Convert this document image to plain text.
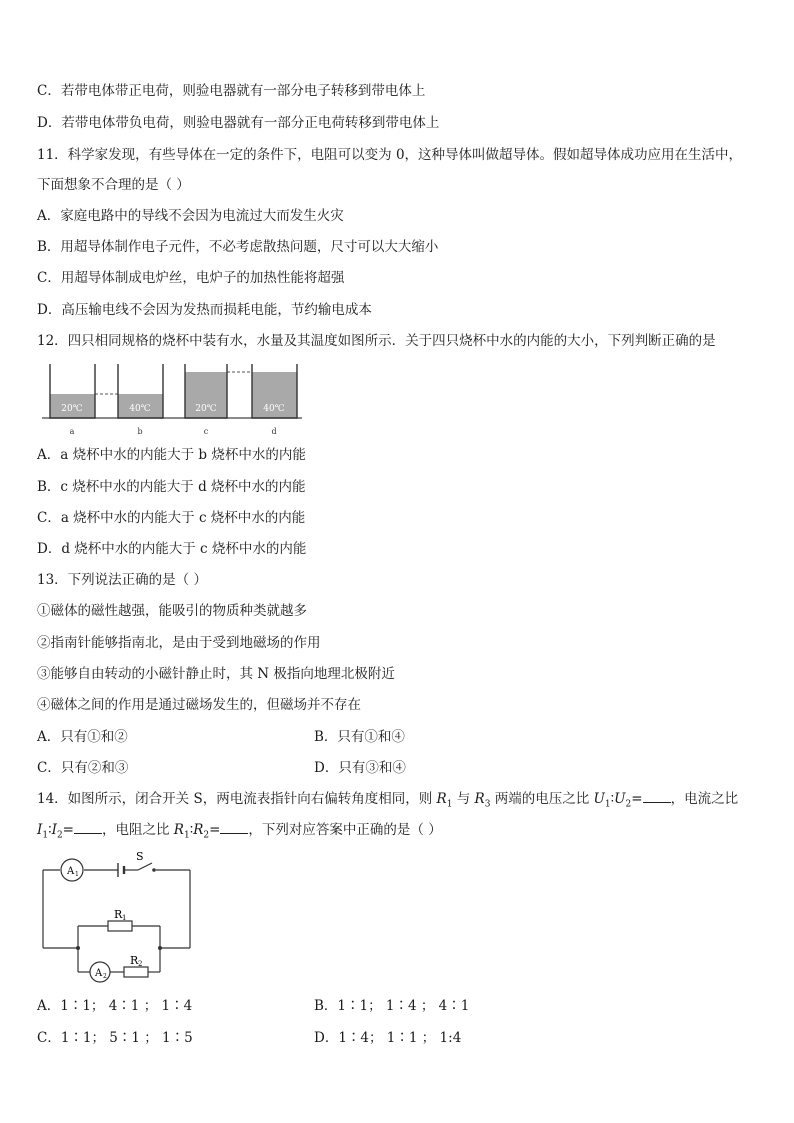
C．若带电体带正电荷，则验电器就有一部分电子转移到带电体上
D．若带电体带负电荷，则验电器就有一部分正电荷转移到带电体上
11．科学家发现，有些导体在一定的条件下，电阻可以变为 0，这种导体叫做超导体。假如超导体成功应用在生活中，
下面想象不合理的是（ ）
A．家庭电路中的导线不会因为电流过大而发生火灾
B．用超导体制作电子元件，不必考虑散热问题，尺寸可以大大缩小
C．用超导体制成电炉丝，电炉子的加热性能将超强
D．高压输电线不会因为发热而损耗电能，节约输电成本
12．四只相同规格的烧杯中装有水，水量及其温度如图所示．关于四只烧杯中水的内能的大小，下列判断正确的是
20℃
a
40℃
b
20℃
c
40℃
d
A．a 烧杯中水的内能大于 b 烧杯中水的内能
B．c 烧杯中水的内能大于 d 烧杯中水的内能
C．a 烧杯中水的内能大于 c 烧杯中水的内能
D．d 烧杯中水的内能大于 c 烧杯中水的内能
13．下列说法正确的是（ ）
①磁体的磁性越强，能吸引的物质种类就越多
②指南针能够指南北，是由于受到地磁场的作用
③能够自由转动的小磁针静止时，其 N 极指向地理北极附近
④磁体之间的作用是通过磁场发生的，但磁场并不存在
A．只有①和②	B．只有①和④
C．只有②和③	D．只有③和④
14．如图所示，闭合开关 S，两电流表指针向右偏转角度相同，则 $R_1$ 与 $R_3$ 两端的电压之比 $U_1∶U_2=$ ，电流之比
$I_1∶I_2=$ ，电阻之比 $R_1∶R_2=$ ，下列对应答案中正确的是（ ）
A 1
A 2
S
R 1
R 2
A．1∶1； 4∶1 ； 1∶4	B．1∶1； 1∶4 ； 4∶1
C．1∶1； 5∶1 ； 1∶5	D．1∶4； 1∶1 ； 1:4
